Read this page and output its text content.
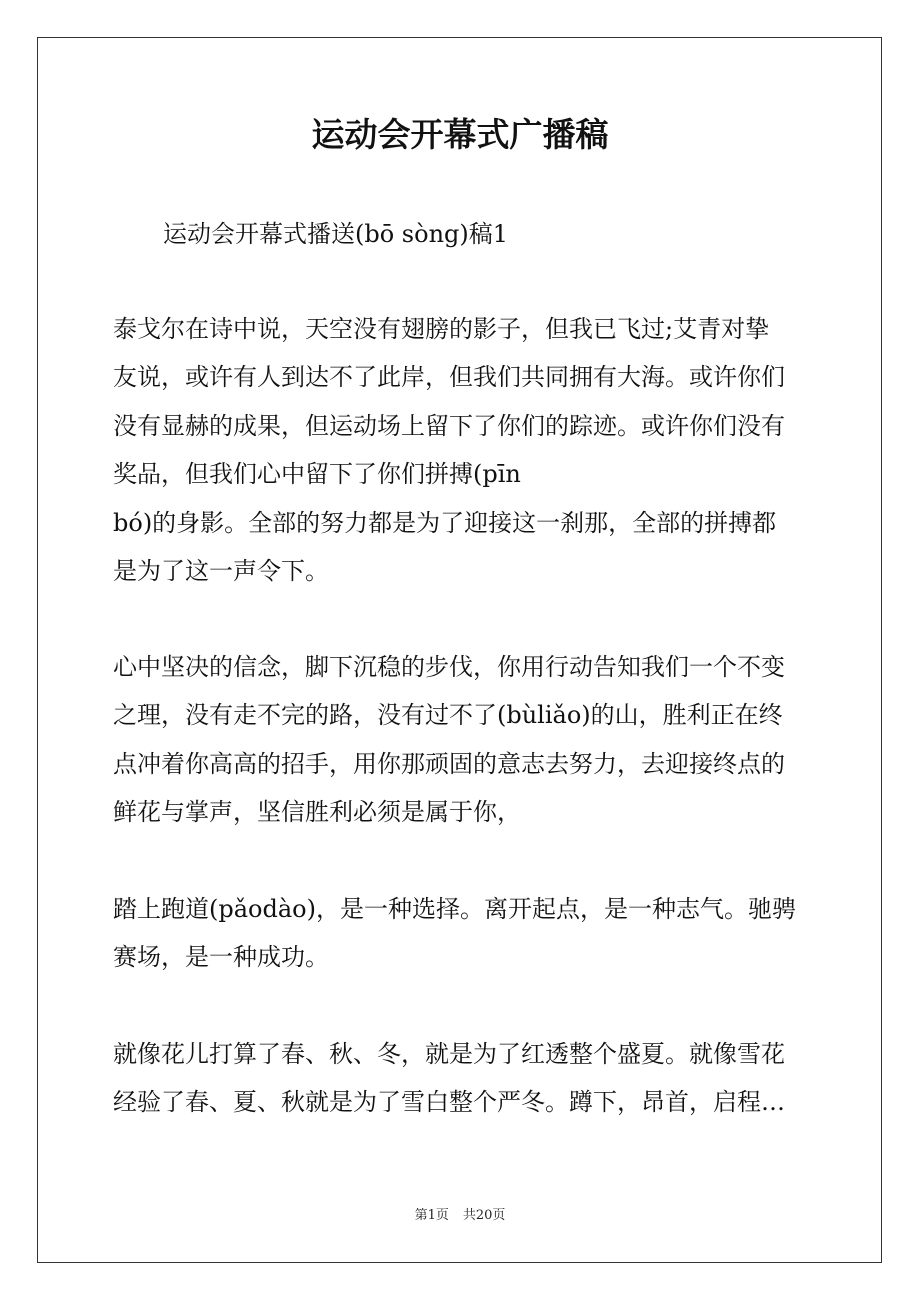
运动会开幕式广播稿
运动会开幕式播送(bō sòng)稿1
泰戈尔在诗中说，天空没有翅膀的影子，但我已飞过;艾青对挚
友说，或许有人到达不了此岸，但我们共同拥有大海。或许你们
没有显赫的成果，但运动场上留下了你们的踪迹。或许你们没有
奖品，但我们心中留下了你们拼搏(pīn
bó)的身影。全部的努力都是为了迎接这一刹那，全部的拼搏都
是为了这一声令下。
心中坚决的信念，脚下沉稳的步伐，你用行动告知我们一个不变
之理，没有走不完的路，没有过不了(bùliǎo)的山，胜利正在终
点冲着你高高的招手，用你那顽固的意志去努力，去迎接终点的
鲜花与掌声，坚信胜利必须是属于你，
踏上跑道(pǎodào)，是一种选择。离开起点，是一种志气。驰骋
赛场，是一种成功。
就像花儿打算了春、秋、冬，就是为了红透整个盛夏。就像雪花
经验了春、夏、秋就是为了雪白整个严冬。蹲下，昂首，启程…
第1页 共20页
